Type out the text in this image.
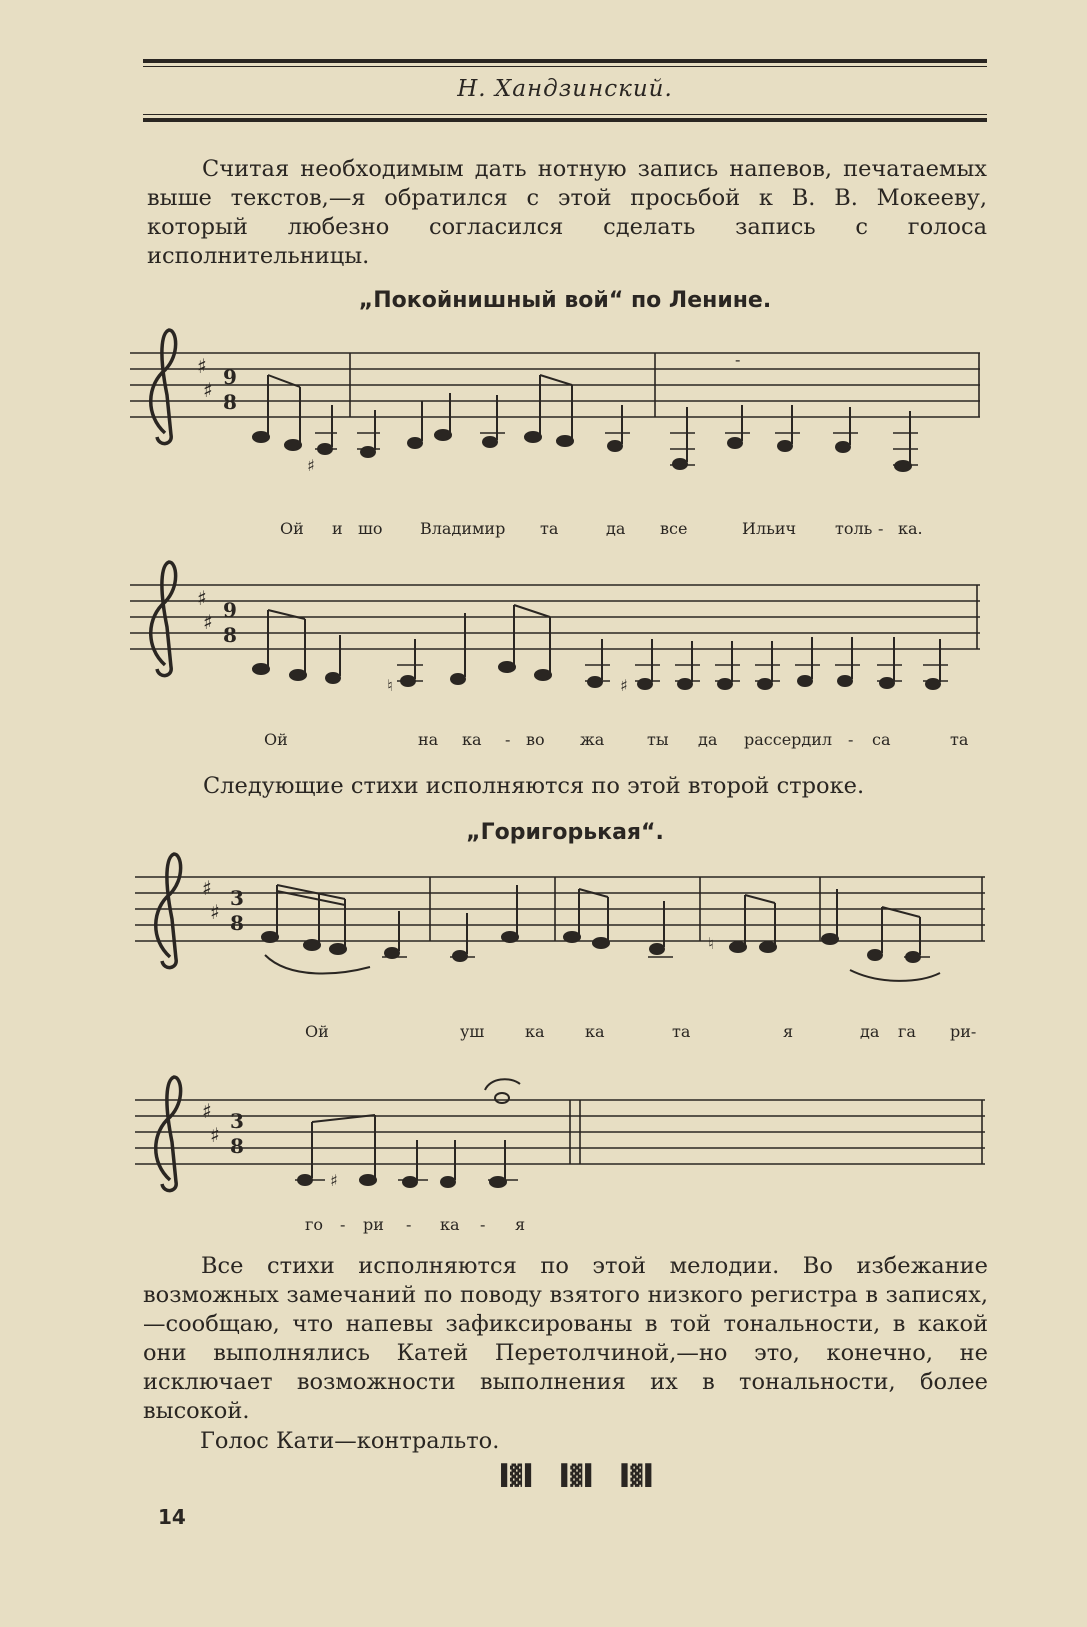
Н. Хандзинский.
Считая необходимым дать нотную запись напевов, печатаемых выше текстов,—я обратился с этой просьбой к В. В. Мокееву, который любезно согласился сделать запись с голоса исполнительницы.
„Покойнишный вой“ по Ленине.
♯
♯
9
8
♯
-
Ой и шо Владимир та	да все	Ильич толь - ка.
♯
♯ 9
8
♮	♯
Ой	на ка - во жа	ты да рассердил - са	та
Следующие стихи исполняются по этой второй строке.
„Горигорькая“.
♯
♯
3
8
♮
Ой	уш	ка	ка	та	я	да га ри-
♯
♯
3
8
♯
го - ри - ка - я
Все стихи исполняются по этой мелодии. Во избежание возможных замечаний по поводу взятого низкого регистра в записях,—сообщаю, что напевы зафиксированы в той тональности, в какой они выполнялись Катей Перетолчиной,—но это, конечно, не исключает возможности выполнения их в тональности, более высокой.
Голос Кати—контральто.
▐▓▌ ▐▓▌ ▐▓▌
14
